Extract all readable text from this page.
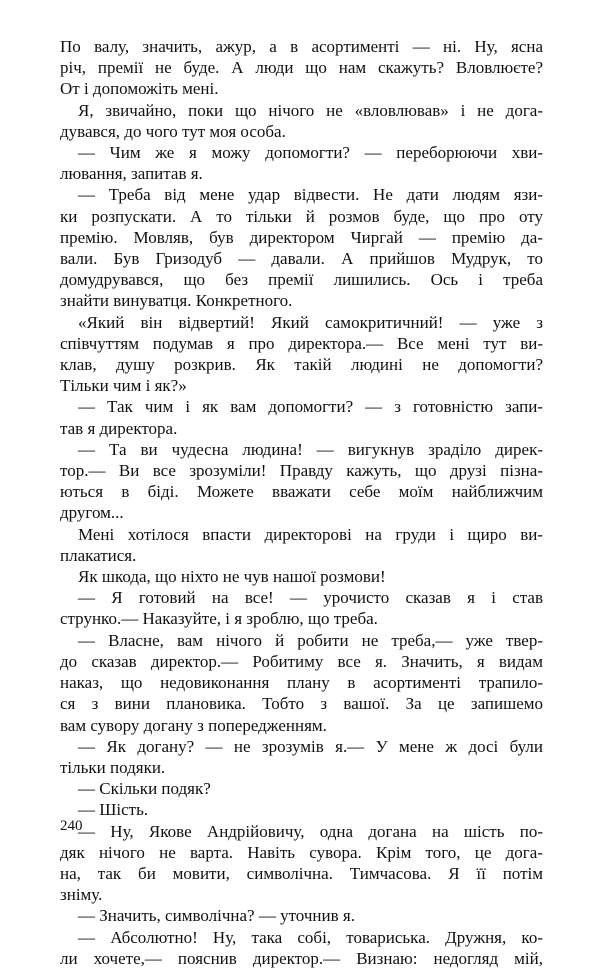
По валу, значить, ажур, а в асортименті — ні. Ну, ясна
річ, премії не буде. А люди що нам скажуть? Вловлюєте?
От і допоможіть мені.
Я, звичайно, поки що нічого не «вловлював» і не дога-
дувався, до чого тут моя особа.
— Чим же я можу допомогти? — переборюючи хви-
лювання, запитав я.
— Треба від мене удар відвести. Не дати людям язи-
ки розпускати. А то тільки й розмов буде, що про оту
премію. Мовляв, був директором Чиргай — премію да-
вали. Був Гризодуб — давали. А прийшов Мудрук, то
домудрувався, що без премії лишились. Ось і треба
знайти винуватця. Конкретного.
«Який він відвертий! Який самокритичний! — уже з
співчуттям подумав я про директора.— Все мені тут ви-
клав, душу розкрив. Як такій людині не допомогти?
Тільки чим і як?»
— Так чим і як вам допомогти? — з готовністю запи-
тав я директора.
— Та ви чудесна людина! — вигукнув зраділо дирек-
тор.— Ви все зрозуміли! Правду кажуть, що друзі пізна-
ються в біді. Можете вважати себе моїм найближчим
другом...
Мені хотілося впасти директорові на груди і щиро ви-
плакатися.
Як шкода, що ніхто не чув нашої розмови!
— Я готовий на все! — урочисто сказав я і став
струнко.— Наказуйте, і я зроблю, що треба.
— Власне, вам нічого й робити не треба,— уже твер-
до сказав директор.— Робитиму все я. Значить, я видам
наказ, що недовиконання плану в асортименті трапило-
ся з вини плановика. Тобто з вашої. За це запишемо
вам сувору догану з попередженням.
— Як догану? — не зрозумів я.— У мене ж досі були
тільки подяки.
— Скільки подяк?
— Шість.
— Ну, Якове Андрійовичу, одна догана на шість по-
дяк нічого не варта. Навіть сувора. Крім того, це дога-
на, так би мовити, символічна. Тимчасова. Я її потім
зніму.
— Значить, символічна? — уточнив я.
— Абсолютно! Ну, така собі, товариська. Дружня, ко-
ли хочете,— пояснив директор.— Визнаю: недогляд мій,
240
